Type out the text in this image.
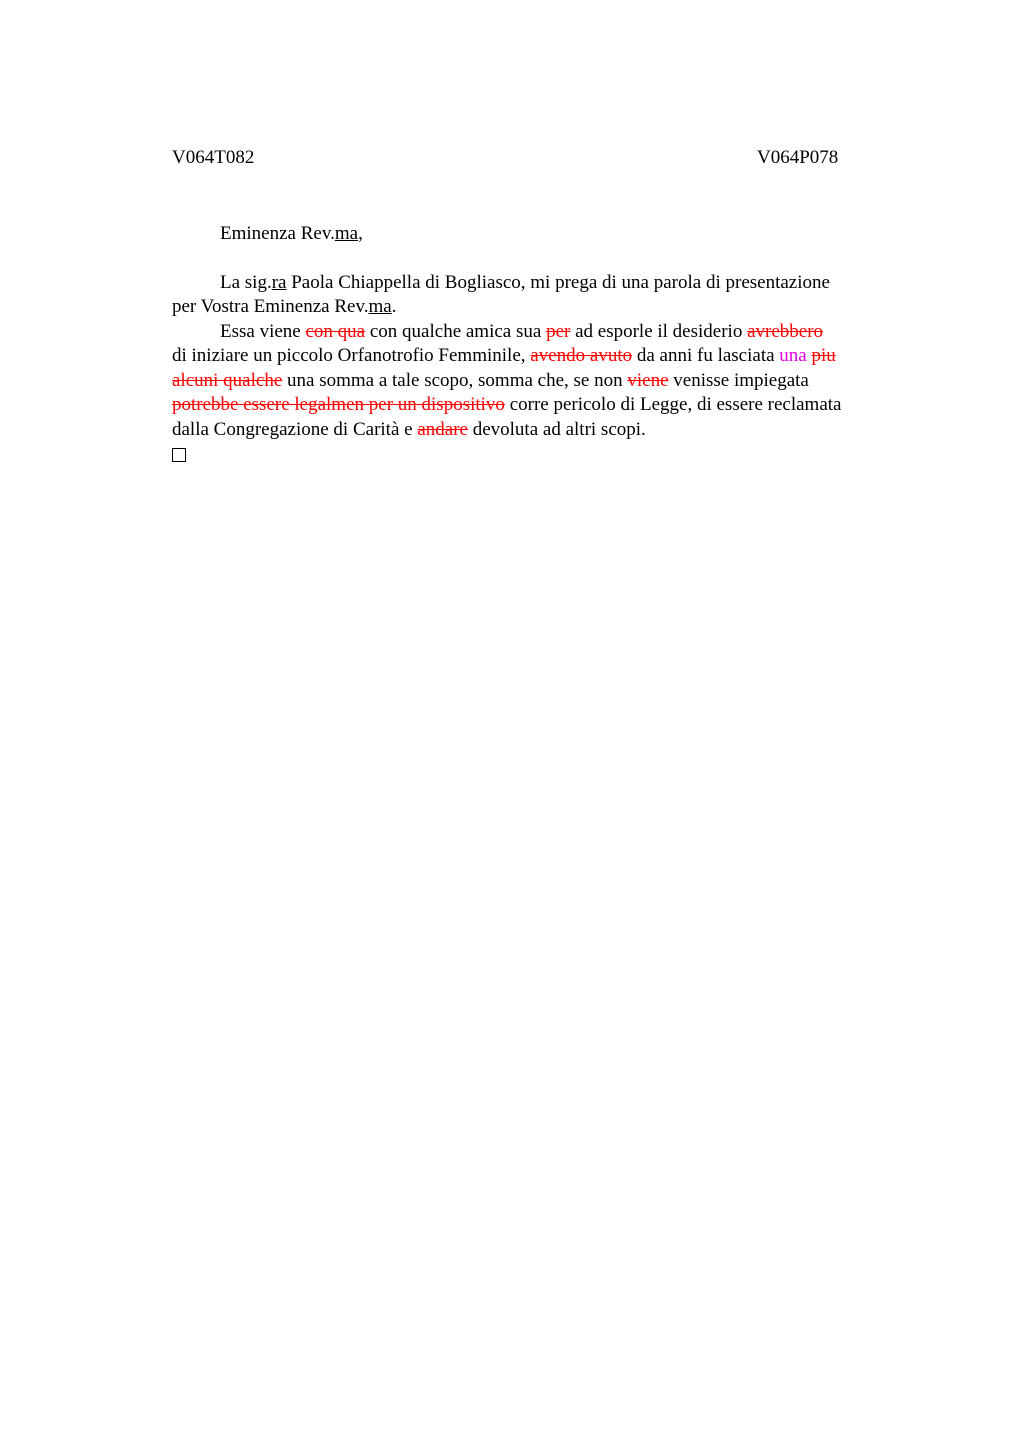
V064T082	V064P078
Eminenza Rev.ma,
La sig.ra Paola Chiappella di Bogliasco, mi prega di una parola di presentazione
per Vostra Eminenza Rev.ma.
Essa viene con qua con qualche amica sua per ad esporle il desiderio avrebbero
di iniziare un piccolo Orfanotrofio Femminile, avendo avuto da anni fu lasciata una piu
alcuni qualche una somma a tale scopo, somma che, se non viene venisse impiegata
potrebbe essere legalmen per un dispositivo corre pericolo di Legge, di essere reclamata
dalla Congregazione di Carità e andare devoluta ad altri scopi.
